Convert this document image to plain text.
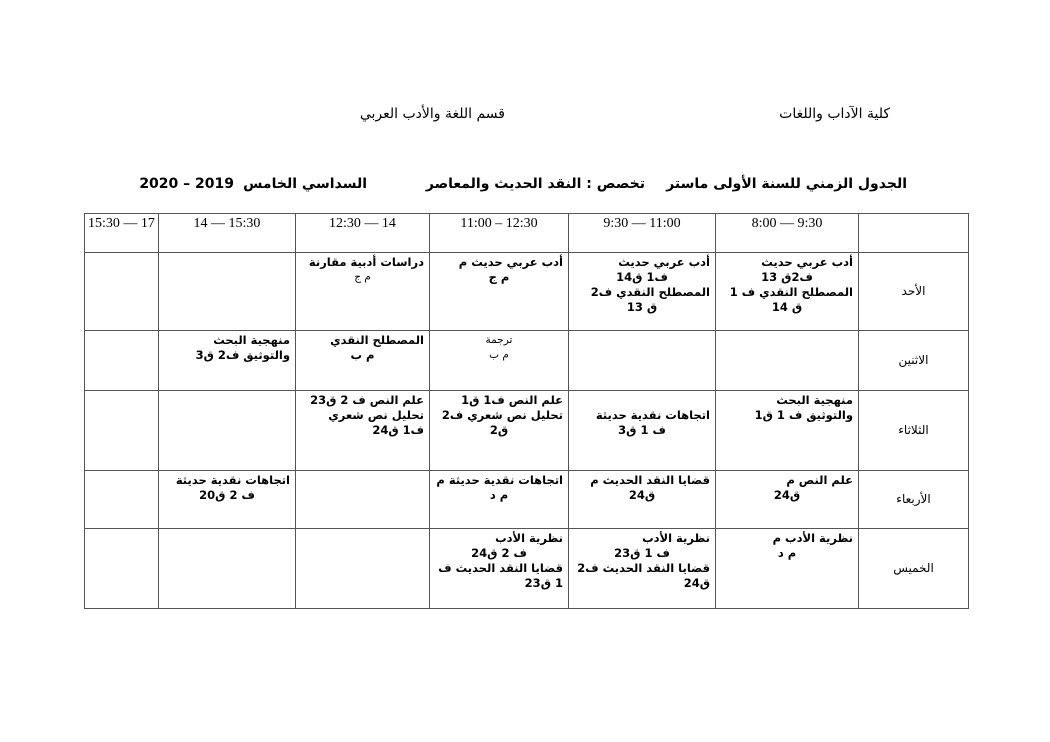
كلية الآداب واللغات
قسم اللغة والأدب العربي
الجدول الزمني للسنة الأولى ماستر
تخصص : النقد الحديث والمعاصر
السداسي الخامس
2019 – 2020
	8:00 — 9:30	9:30 — 11:00	11:00 – 12:30	12:30 — 14	14 — 15:30	15:30 — 17
الأحد	أدب عربي حديث
ف2ق 13
المصطلح النقدي ف 1
ق 14	أدب عربي حديث
ف1 ق14
المصطلح النقدي ف2
ق 13	أدب عربي حديث م
م ج	دراسات أدبية مقارنة
م ج		

الاثنين			ترجمة
م ب	المصطلح النقدي
م ب	منهجية البحث
والتوثيق ف2 ق3	

الثلاثاء	منهجية البحث
والتوثيق ف 1 ق1	اتجاهات نقدية حديثة
ف 1 ق3	علم النص ف1 ق1
تحليل نص شعري ف2
ق2	علم النص ف 2 ق23
تحليل نص شعري
ف1 ق24		

الأربعاء	علم النص م
ق24	قضايا النقد الحديث م
ق24	اتجاهات نقدية حديثة م
م د		اتجاهات نقدية حديثة
ف 2 ق20	

الخميس	نظرية الأدب م
م د	نظرية الأدب
ف 1 ق23
قضايا النقد الحديث ف2
ق24	نظرية الأدب
ف 2 ق24
قضايا النقد الحديث ف
1 ق23			
